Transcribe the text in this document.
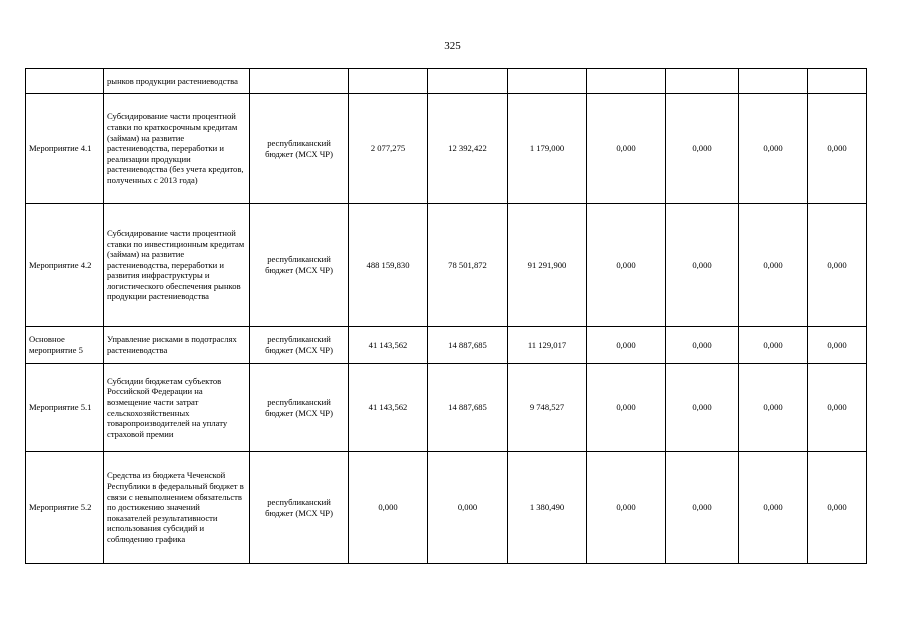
325
	рынков продукции растениеводства								
Мероприятие 4.1	Субсидирование части процентной ставки по краткосрочным кредитам (займам) на развитие растениеводства, переработки и реализации продукции растениеводства (без учета кредитов, полученных с 2013 года)	республиканский бюджет (МСХ ЧР)	2 077,275	12 392,422	1 179,000	0,000	0,000	0,000	0,000
Мероприятие 4.2	Субсидирование части процентной ставки по инвестиционным кредитам (займам) на развитие растениеводства, переработки и развития инфраструктуры и логистического обеспечения рынков продукции растениеводства	республиканский бюджет (МСХ ЧР)	488 159,830	78 501,872	91 291,900	0,000	0,000	0,000	0,000
Основное мероприятие 5	Управление рисками в подотраслях растениеводства	республиканский бюджет (МСХ ЧР)	41 143,562	14 887,685	11 129,017	0,000	0,000	0,000	0,000
Мероприятие 5.1	Субсидии бюджетам субъектов Российской Федерации на возмещение части затрат сельскохозяйственных товаропроизводителей на уплату страховой премии	республиканский бюджет (МСХ ЧР)	41 143,562	14 887,685	9 748,527	0,000	0,000	0,000	0,000
Мероприятие 5.2	Средства из бюджета Чеченской Республики в федеральный бюджет в связи с невыполнением обязательств по достижению значений показателей результативности использования субсидий и соблюдению графика	республиканский бюджет (МСХ ЧР)	0,000	0,000	1 380,490	0,000	0,000	0,000	0,000
